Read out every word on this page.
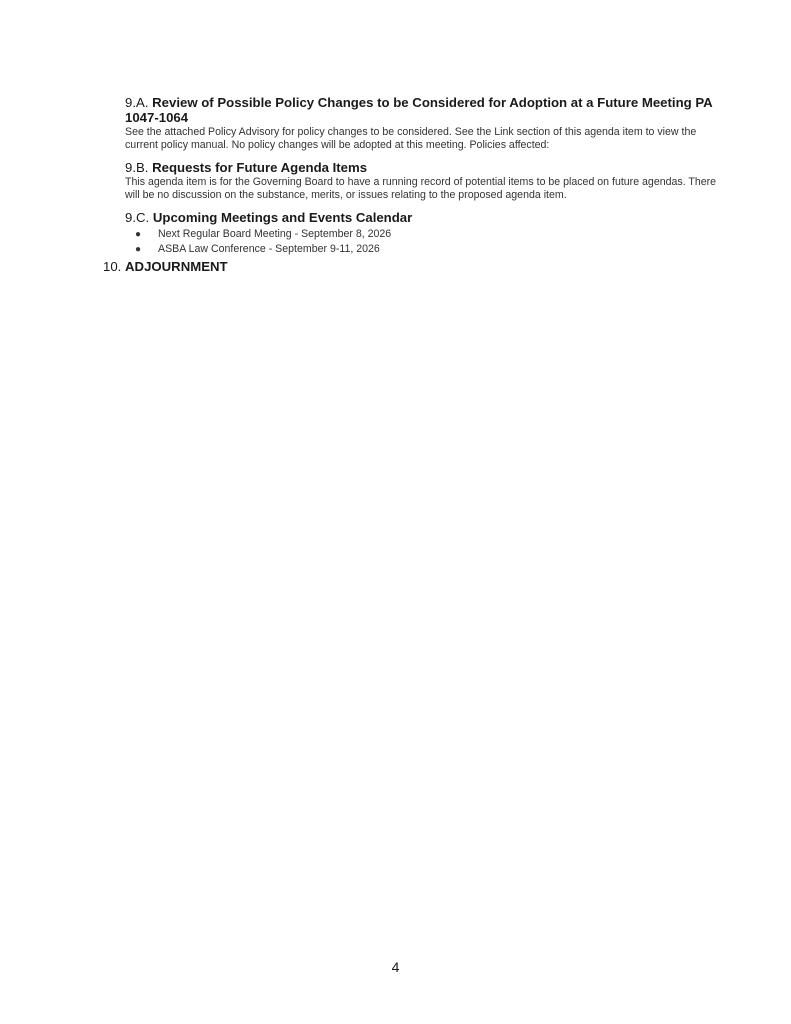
9.A. Review of Possible Policy Changes to be Considered for Adoption at a Future Meeting PA 1047-1064

See the attached Policy Advisory for policy changes to be considered. See the Link section of this agenda item to view the current policy manual. No policy changes will be adopted at this meeting. Policies affected:

9.B. Requests for Future Agenda Items

This agenda item is for the Governing Board to have a running record of potential items to be placed on future agendas. There will be no discussion on the substance, merits, or issues relating to the proposed agenda item.

9.C. Upcoming Meetings and Events Calendar

● Next Regular Board Meeting - September 8, 2026
● ASBA Law Conference - September 9-11, 2026

10. ADJOURNMENT

4
